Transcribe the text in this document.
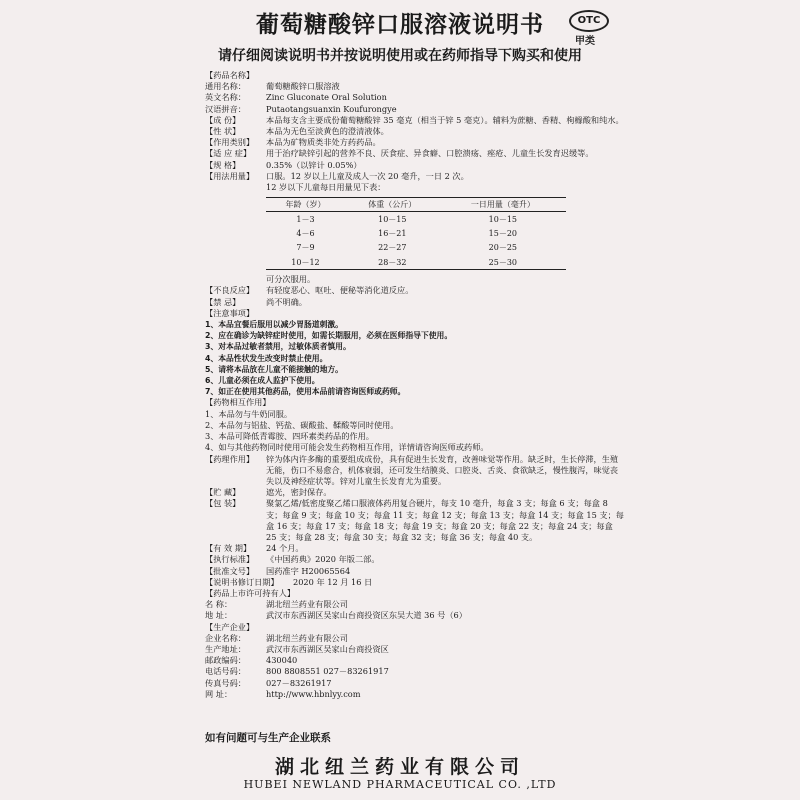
葡萄糖酸锌口服溶液说明书	OTC
甲类
请仔细阅读说明书并按说明使用或在药师指导下购买和使用
【药品名称】
通用名称：	葡萄糖酸锌口服溶液
英文名称：	Zinc Gluconate Oral Solution
汉语拼音：	Putaotangsuanxin Koufurongye
【成 份】	本品每支含主要成份葡萄糖酸锌 35 毫克（相当于锌 5 毫克）。辅料为蔗糖、香精、枸橼酸和纯水。
【性 状】	本品为无色至淡黄色的澄清液体。
【作用类别】	本品为矿物质类非处方药药品。
【适 应 症】	用于治疗缺锌引起的营养不良、厌食症、异食癖、口腔溃疡、痤疮、儿童生长发育迟缓等。
【规 格】	0.35%（以锌计 0.05%）
【用法用量】	口服。12 岁以上儿童及成人一次 20 毫升，一日 2 次。
12 岁以下儿童每日用量见下表：
年龄（岁）	体重（公斤）	一日用量（毫升）
1－3	10－15	10－15
4－6	16－21	15－20
7－9	22－27	20－25
10－12	28－32	25－30
可分次服用。
【不良反应】	有轻度恶心、呕吐、便秘等消化道反应。
【禁 忌】	尚不明确。
【注意事项】
1、本品宜餐后服用以减少胃肠道刺激。
2、应在确诊为缺锌症时使用，如需长期服用，必须在医师指导下使用。
3、对本品过敏者禁用，过敏体质者慎用。
4、本品性状发生改变时禁止使用。
5、请将本品放在儿童不能接触的地方。
6、儿童必须在成人监护下使用。
7、如正在使用其他药品，使用本品前请咨询医师或药师。
【药物相互作用】
1、本品勿与牛奶同服。
2、本品勿与铝盐、钙盐、碳酸盐、鞣酸等同时使用。
3、本品可降低青霉胺、四环素类药品的作用。
4、如与其他药物同时使用可能会发生药物相互作用，详情请咨询医师或药师。
【药理作用】	锌为体内许多酶的重要组成成份，具有促进生长发育，改善味觉等作用。缺乏时，生长停滞，生殖无能，伤口不易愈合，机体衰弱，还可发生结膜炎、口腔炎、舌炎、食欲缺乏，慢性腹泻，味觉丧失以及神经症状等。锌对儿童生长发育尤为重要。
【贮 藏】	遮光，密封保存。
【包 装】	聚氯乙烯/低密度聚乙烯口服液体药用复合硬片，每支 10 毫升，每盒 3 支；每盒 6 支；每盒 8 支；每盒 9 支；每盒 10 支；每盒 11 支；每盒 12 支；每盒 13 支；每盒 14 支；每盒 15 支；每盒 16 支；每盒 17 支；每盒 18 支；每盒 19 支；每盒 20 支；每盒 22 支；每盒 24 支；每盒 25 支；每盒 28 支；每盒 30 支；每盒 32 支；每盒 36 支；每盒 40 支。
【有 效 期】	24 个月。
【执行标准】	《中国药典》2020 年版二部。
【批准文号】	国药准字 H20065564
【说明书修订日期】	2020 年 12 月 16 日
【药品上市许可持有人】
名 称：	湖北纽兰药业有限公司
地 址：	武汉市东西湖区吴家山台商投资区东吴大道 36 号（6）
【生产企业】
企业名称：	湖北纽兰药业有限公司
生产地址：	武汉市东西湖区吴家山台商投资区
邮政编码：	430040
电话号码：	800 8808551 027－83261917
传真号码：	027－83261917
网 址：	http://www.hbnlyy.com
如有问题可与生产企业联系
湖北纽兰药业有限公司
HUBEI NEWLAND PHARMACEUTICAL CO. ,LTD
